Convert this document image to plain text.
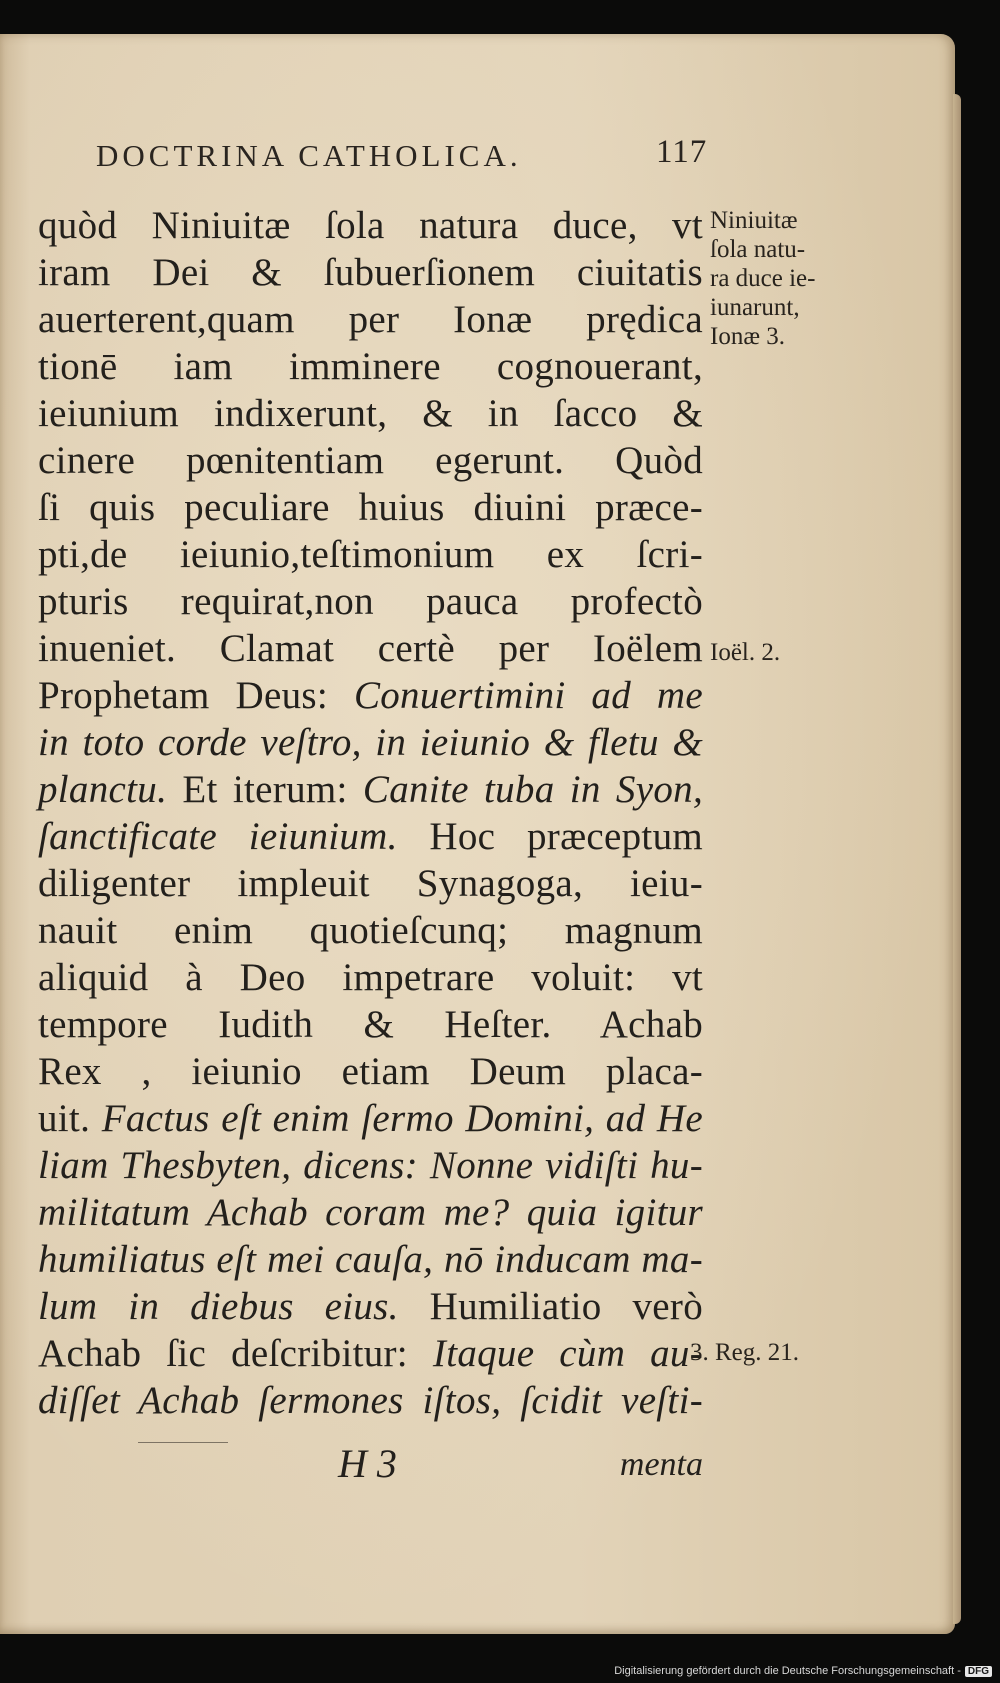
DOCTRINA CATHOLICA.	117
quòd Niniuitæ ſola natura duce, vt
iram Dei & ſubuerſionem ciuitatis
auerterent,quam per Ionæ prędica
tionē iam imminere cognouerant,
ieiunium indixerunt, & in ſacco &
cinere pœnitentiam egerunt. Quòd
ſi quis peculiare huius diuini præce-
pti,de ieiunio,teſtimonium ex ſcri-
pturis requirat,non pauca profectò
inueniet. Clamat certè per Ioëlem
Prophetam Deus: Conuertimini ad me
in toto corde veſtro, in ieiunio & fletu &
planctu. Et iterum: Canite tuba in Syon,
ſanctificate ieiunium. Hoc præceptum
diligenter impleuit Synagoga, ieiu-
nauit enim quotieſcunq; magnum
aliquid à Deo impetrare voluit: vt
tempore Iudith & Heſter. Achab
Rex , ieiunio etiam Deum placa-
uit. Factus eſt enim ſermo Domini, ad He
liam Thesbyten, dicens: Nonne vidiſti hu-
militatum Achab coram me? quia igitur
humiliatus eſt mei cauſa, nō inducam ma-
lum in diebus eius. Humiliatio verò
Achab ſic deſcribitur: Itaque cùm au-
diſſet Achab ſermones iſtos, ſcidit veſti-
Niniuitæ
ſola natu-
ra duce ie-
iunarunt,
Ionæ 3.
Ioël. 2.
3. Reg. 21.
H 3	menta
Digitalisierung gefördert durch die Deutsche Forschungsgemeinschaft - DFG
